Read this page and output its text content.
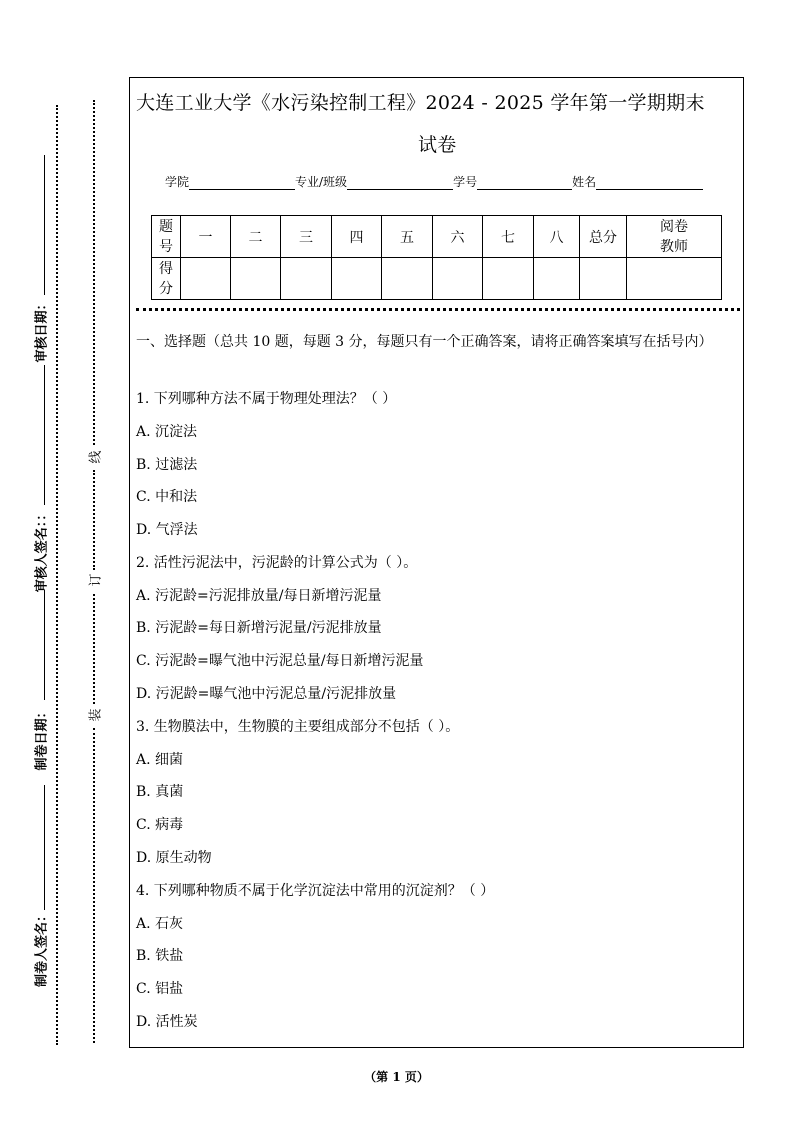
审核日期：
审核人签名：：
制卷日期：
制卷人签名：
线
订
装
大连工业大学《水污染控制工程》2024 - 2025 学年第一学期期末
试卷
学院	专业/班级	学号	姓名
题号	一	二	三	四	五	六	七	八	总分	阅卷教师
得分										
一、选择题（总共 10 题，每题 3 分，每题只有一个正确答案，请将正确答案填写在括号内）
1. 下列哪种方法不属于物理处理法？（ ）
A. 沉淀法
B. 过滤法
C. 中和法
D. 气浮法
2. 活性污泥法中，污泥龄的计算公式为（ ）。
A. 污泥龄=污泥排放量/每日新增污泥量
B. 污泥龄=每日新增污泥量/污泥排放量
C. 污泥龄=曝气池中污泥总量/每日新增污泥量
D. 污泥龄=曝气池中污泥总量/污泥排放量
3. 生物膜法中，生物膜的主要组成部分不包括（ ）。
A. 细菌
B. 真菌
C. 病毒
D. 原生动物
4. 下列哪种物质不属于化学沉淀法中常用的沉淀剂？（ ）
A. 石灰
B. 铁盐
C. 铝盐
D. 活性炭
（第 1 页）
